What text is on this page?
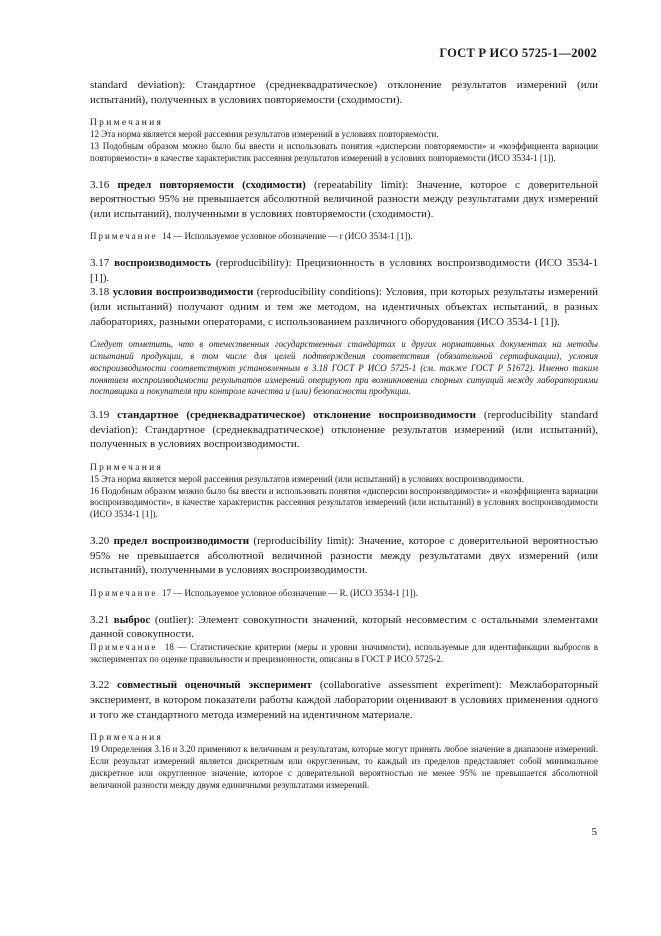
ГОСТ Р ИСО 5725-1—2002

standard deviation): Стандартное (среднеквадратическое) отклонение результатов измерений (или испытаний), полученных в условиях повторяемости (сходимости).

Примечания

12 Эта норма является мерой рассеяния результатов измерений в условиях повторяемости.

13 Подобным образом можно было бы ввести и использовать понятия «дисперсии повторяемости» и «коэффициента вариации повторяемости» в качестве характеристик рассеяния результатов измерений в условиях повторяемости (ИСО 3534-1 [1]).

3.16 предел повторяемости (сходимости) (repeatability limit): Значение, которое с доверительной вероятностью 95% не превышается абсолютной величиной разности между результатами двух измерений (или испытаний), полученными в условиях повторяемости (сходимости).

Примечание 14 — Используемое условное обозначение — r (ИСО 3534-1 [1]).

3.17 воспроизводимость (reproducibility): Прецизионность в условиях воспроизводимости (ИСО 3534-1 [1]).

3.18 условия воспроизводимости (reproducibility conditions): Условия, при которых результаты измерений (или испытаний) получают одним и тем же методом, на идентичных объектах испытаний, в разных лабораториях, разными операторами, с использованием различного оборудования (ИСО 3534-1 [1]).

Следует отметить, что в отечественных государственных стандартах и других нормативных документах на методы испытаний продукции, в том числе для целей подтверждения соответствия (обязательной сертификации), условия воспроизводимости соответствуют установленным в 3.18 ГОСТ Р ИСО 5725-1 (см. также ГОСТ Р 51672). Именно таким понятием воспроизводимости результатов измерений оперируют при возникновении спорных ситуаций между лабораториями поставщика и покупателя при контроле качества и (или) безопасности продукции.

3.19 стандартное (среднеквадратическое) отклонение воспроизводимости (reproducibility standard deviation): Стандартное (среднеквадратическое) отклонение результатов измерений (или испытаний), полученных в условиях воспроизводимости.

Примечания

15 Эта норма является мерой рассеяния результатов измерений (или испытаний) в условиях воспроизводимости.

16 Подобным образом можно было бы ввести и использовать понятия «дисперсии воспроизводимости» и «коэффициента вариации воспроизводимости», в качестве характеристик рассеяния результатов измерений (или испытаний) в условиях воспроизводимости (ИСО 3534-1 [1]).

3.20 предел воспроизводимости (reproducibility limit): Значение, которое с доверительной вероятностью 95% не превышается абсолютной величиной разности между результатами двух измерений (или испытаний), полученными в условиях воспроизводимости.

Примечание 17 — Используемое условное обозначение — R. (ИСО 3534-1 [1]).

3.21 выброс (outlier): Элемент совокупности значений, который несовместим с остальными элементами данной совокупности.

Примечание 18 — Статистические критерии (меры и уровни значимости), используемые для идентификации выбросов в экспериментах по оценке правильности и прецизионности, описаны в ГОСТ Р ИСО 5725-2.

3.22 совместный оценочный эксперимент (collaborative assessment experiment): Межлабораторный эксперимент, в котором показатели работы каждой лаборатории оценивают в условиях применения одного и того же стандартного метода измерений на идентичном материале.

Примечания

19 Определения 3.16 и 3.20 применяют к величинам и результатам, которые могут принять любое значение в диапазоне измерений. Если результат измерений является дискретным или округленным, то каждый из пределов представляет собой минимальное дискретное или округленное значение, которое с доверительной вероятностью не менее 95% не превышается абсолютной величиной разности между двумя единичными результатами измерений.

5
